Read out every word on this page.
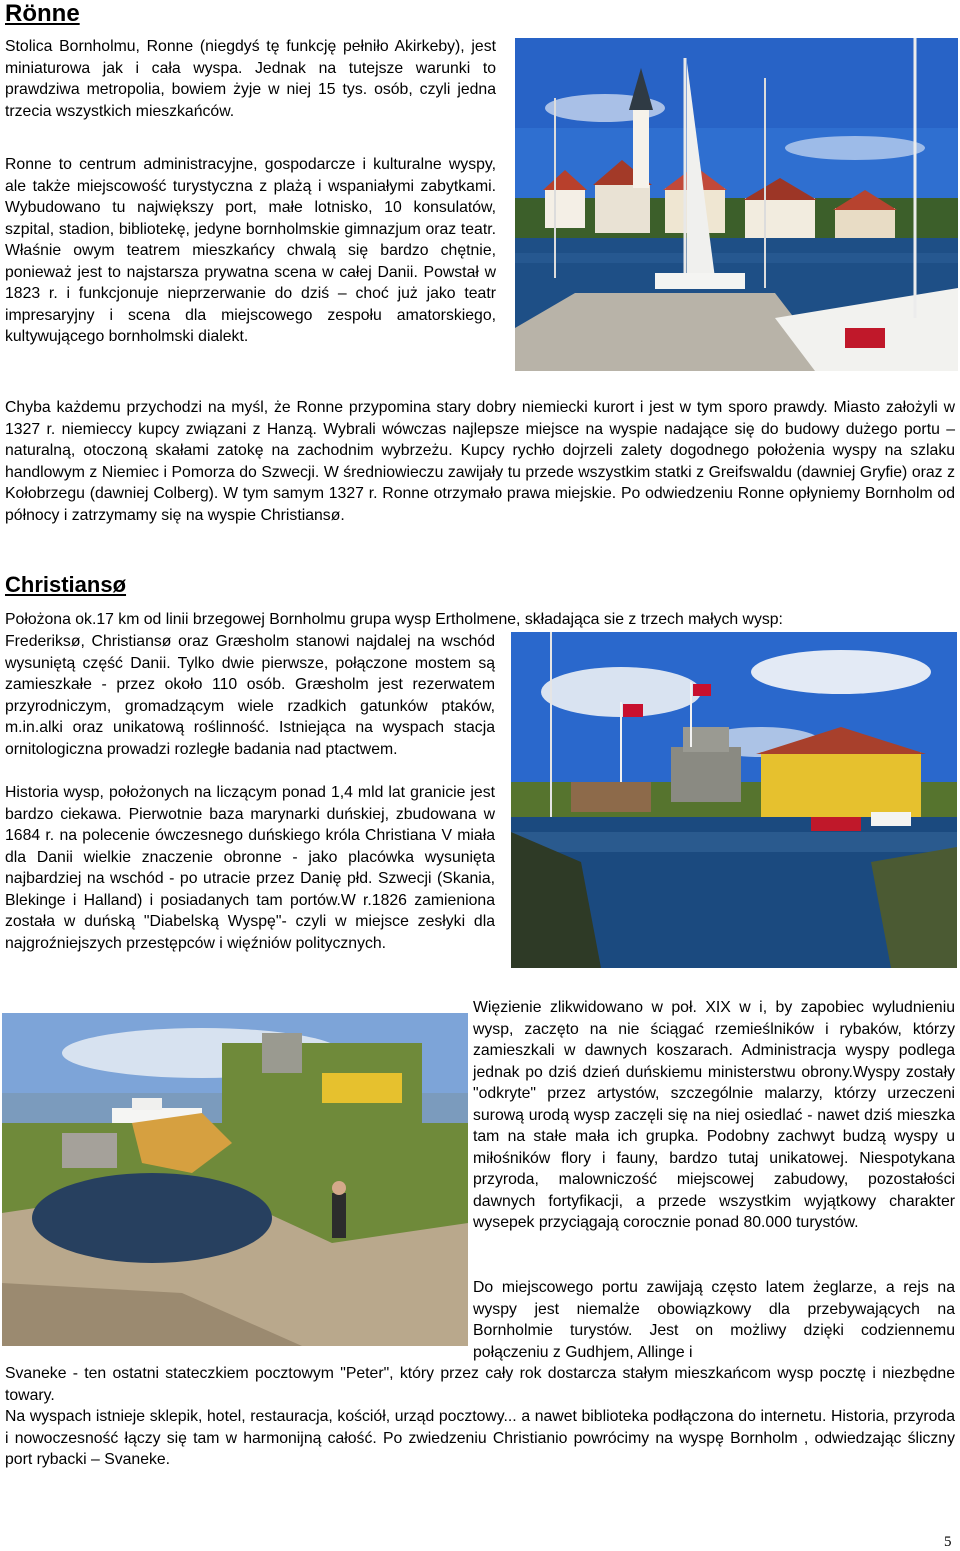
Rönne

Stolica Bornholmu, Ronne (niegdyś tę funkcję pełniło Akirkeby), jest miniaturowa jak i cała wyspa. Jednak na tutejsze warunki to prawdziwa metropolia, bowiem żyje w niej 15 tys. osób, czyli jedna trzecia wszystkich mieszkańców.

Ronne to centrum administracyjne, gospodarcze i kulturalne wyspy, ale także miejscowość turystyczna z plażą i wspaniałymi zabytkami. Wybudowano tu największy port, małe lotnisko, 10 konsulatów, szpital, stadion, bibliotekę, jedyne bornholmskie gimnazjum oraz teatr. Właśnie owym teatrem mieszkańcy chwalą się bardzo chętnie, ponieważ jest to najstarsza prywatna scena w całej Danii. Powstał w 1823 r. i funkcjonuje nieprzerwanie do dziś – choć już jako teatr impresaryjny i scena dla miejscowego zespołu amatorskiego, kultywującego bornholmski dialekt.

Chyba każdemu przychodzi na myśl, że Ronne przypomina stary dobry niemiecki kurort i jest w tym sporo prawdy. Miasto założyli w 1327 r. niemieccy kupcy związani z Hanzą. Wybrali wówczas najlepsze miejsce na wyspie nadające się do budowy dużego portu – naturalną, otoczoną skałami zatokę na zachodnim wybrzeżu. Kupcy rychło dojrzeli zalety dogodnego położenia wyspy na szlaku handlowym z Niemiec i Pomorza do Szwecji. W średniowieczu zawijały tu przede wszystkim statki z Greifswaldu (dawniej Gryfie) oraz z Kołobrzegu (dawniej Colberg). W tym samym 1327 r. Ronne otrzymało prawa miejskie. Po odwiedzeniu Ronne opłyniemy Bornholm od północy i zatrzymamy się na wyspie Christiansø.

Christiansø

Położona ok.17 km od linii brzegowej Bornholmu grupa wysp Ertholmene, składająca sie z trzech małych wysp:

Frederiksø, Christiansø oraz Græsholm stanowi najdalej na wschód wysuniętą część Danii. Tylko dwie pierwsze, połączone mostem są zamieszkałe - przez około 110 osób. Græsholm jest rezerwatem przyrodniczym, gromadzącym wiele rzadkich gatunków ptaków, m.in.alki oraz unikatową roślinność. Istniejąca na wyspach stacja ornitologiczna prowadzi rozległe badania nad ptactwem.

Historia wysp, położonych na liczącym ponad 1,4 mld lat granicie jest bardzo ciekawa. Pierwotnie baza marynarki duńskiej, zbudowana w 1684 r. na polecenie ówczesnego duńskiego króla Christiana V miała dla Danii wielkie znaczenie obronne - jako placówka wysunięta najbardziej na wschód - po utracie przez Danię płd. Szwecji (Skania, Blekinge i Halland) i posiadanych tam portów.W r.1826 zamieniona została w duńską "Diabelską Wyspę"- czyli w miejsce zesłyki dla najgroźniejszych przestępców i więźniów politycznych.

Więzienie zlikwidowano w poł. XIX w i, by zapobiec wyludnieniu wysp, zaczęto na nie ściągać rzemieślników i rybaków, którzy zamieszkali w dawnych koszarach. Administracja wyspy podlega jednak po dziś dzień duńskiemu ministerstwu obrony.Wyspy zostały "odkryte" przez artystów, szczególnie malarzy, którzy urzeczeni surową urodą wysp zaczęli się na niej osiedlać - nawet dziś mieszka tam na stałe mała ich grupka. Podobny zachwyt budzą wyspy u miłośników flory i fauny, bardzo tutaj unikatowej. Niespotykana przyroda, malowniczość miejscowej zabudowy, pozostałości dawnych fortyfikacji, a przede wszystkim wyjątkowy charakter wysepek przyciągają corocznie ponad 80.000 turystów.

Do miejscowego portu zawijają często latem żeglarze, a rejs na wyspy jest niemalże obowiązkowy dla przebywających na Bornholmie turystów. Jest on możliwy dzięki codziennemu połączeniu z Gudhjem, Allinge i

Svaneke - ten ostatni stateczkiem pocztowym "Peter", który przez cały rok dostarcza stałym mieszkańcom wysp pocztę i niezbędne towary.

Na wyspach istnieje sklepik, hotel, restauracja, kościół, urząd pocztowy... a nawet biblioteka podłączona do internetu. Historia, przyroda i nowoczesność łączy się tam w harmonijną całość. Po zwiedzeniu Christianio powrócimy na wyspę Bornholm , odwiedzając śliczny port rybacki – Svaneke.

5
